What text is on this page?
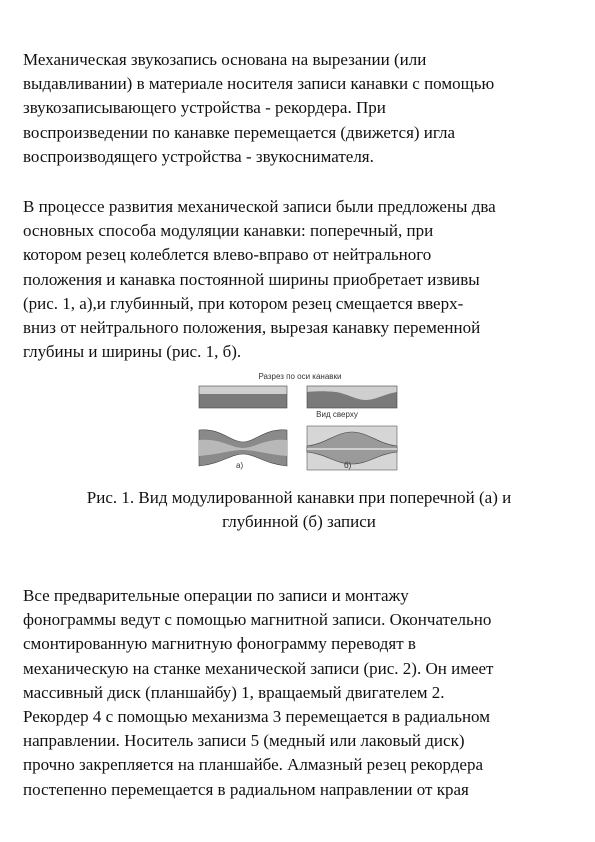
Механическая звукозапись основана на вырезании (или
выдавливании) в материале носителя записи канавки с помощью
звукозаписывающего устройства - рекордера. При
воспроизведении по канавке перемещается (движется) игла
воспроизводящего устройства - звукоснимателя.

В процессе развития механической записи были предложены два
основных способа модуляции канавки: поперечный, при
котором резец колеблется влево-вправо от нейтрального
положения и канавка постоянной ширины приобретает извивы
(рис. 1, а),и глубинный, при котором резец смещается вверх-
вниз от нейтрального положения, вырезая канавку переменной
глубины и ширины (рис. 1, б).

Разрез по оси канавки
Вид сверху
а)	б)

Рис. 1. Вид модулированной канавки при поперечной (а) и
глубинной (б) записи

Все предварительные операции по записи и монтажу
фонограммы ведут с помощью магнитной записи. Окончательно
смонтированную магнитную фонограмму переводят в
механическую на станке механической записи (рис. 2). Он имеет
массивный диск (планшайбу) 1, вращаемый двигателем 2.
Рекордер 4 с помощью механизма 3 перемещается в радиальном
направлении. Носитель записи 5 (медный или лаковый диск)
прочно закрепляется на планшайбе. Алмазный резец рекордера
постепенно перемещается в радиальном направлении от края
